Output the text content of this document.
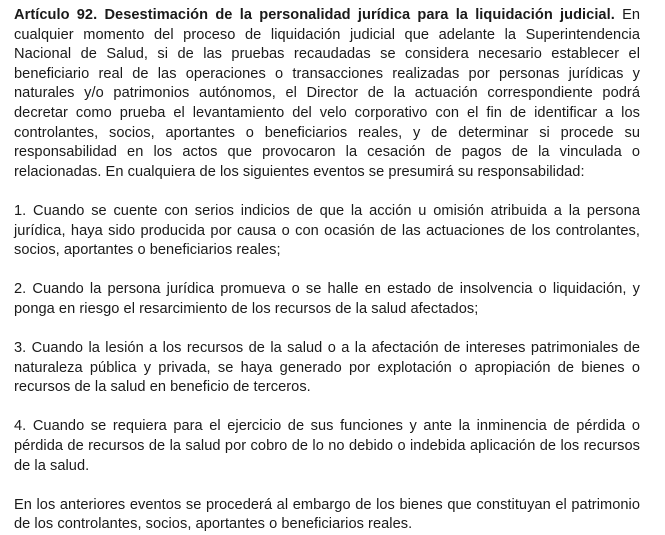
Artículo 92. Desestimación de la personalidad jurídica para la liquidación judicial. En cualquier momento del proceso de liquidación judicial que adelante la Superintendencia Nacional de Salud, si de las pruebas recaudadas se considera necesario establecer el beneficiario real de las operaciones o transacciones realizadas por personas jurídicas y naturales y/o patrimonios autónomos, el Director de la actuación correspondiente podrá decretar como prueba el levantamiento del velo corporativo con el fin de identificar a los controlantes, socios, aportantes o beneficiarios reales, y de determinar si procede su responsabilidad en los actos que provocaron la cesación de pagos de la vinculada o relacionadas. En cualquiera de los siguientes eventos se presumirá su responsabilidad:

1. Cuando se cuente con serios indicios de que la acción u omisión atribuida a la persona jurídica, haya sido producida por causa o con ocasión de las actuaciones de los controlantes, socios, aportantes o beneficiarios reales;

2. Cuando la persona jurídica promueva o se halle en estado de insolvencia o liquidación, y ponga en riesgo el resarcimiento de los recursos de la salud afectados;

3. Cuando la lesión a los recursos de la salud o a la afectación de intereses patrimoniales de naturaleza pública y privada, se haya generado por explotación o apropiación de bienes o recursos de la salud en beneficio de terceros.

4. Cuando se requiera para el ejercicio de sus funciones y ante la inminencia de pérdida o pérdida de recursos de la salud por cobro de lo no debido o indebida aplicación de los recursos de la salud.

En los anteriores eventos se procederá al embargo de los bienes que constituyan el patrimonio de los controlantes, socios, aportantes o beneficiarios reales.
